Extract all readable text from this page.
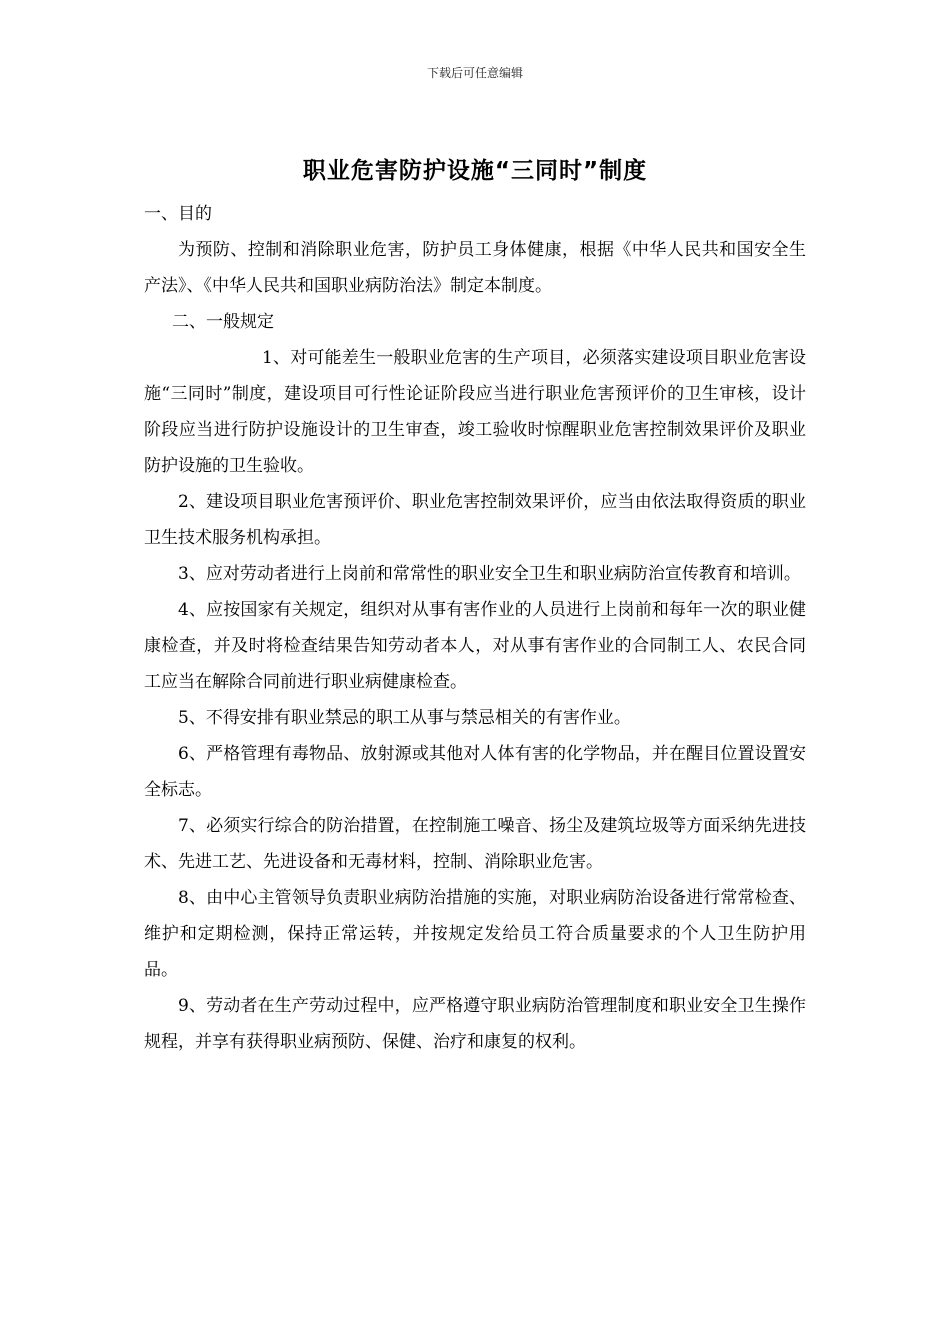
下载后可任意编辑
职业危害防护设施“三同时”制度

一、目的

为预防、控制和消除职业危害，防护员工身体健康，根据《中华人民共和国安全生产法》、《中华人民共和国职业病防治法》制定本制度。

二、一般规定

1、对可能差生一般职业危害的生产项目，必须落实建设项目职业危害设施“三同时”制度，建设项目可行性论证阶段应当进行职业危害预评价的卫生审核，设计阶段应当进行防护设施设计的卫生审查，竣工验收时惊醒职业危害控制效果评价及职业防护设施的卫生验收。

2、建设项目职业危害预评价、职业危害控制效果评价，应当由依法取得资质的职业卫生技术服务机构承担。

3、应对劳动者进行上岗前和常常性的职业安全卫生和职业病防治宣传教育和培训。

4、应按国家有关规定，组织对从事有害作业的人员进行上岗前和每年一次的职业健康检查，并及时将检查结果告知劳动者本人，对从事有害作业的合同制工人、农民合同工应当在解除合同前进行职业病健康检查。

5、不得安排有职业禁忌的职工从事与禁忌相关的有害作业。

6、严格管理有毒物品、放射源或其他对人体有害的化学物品，并在醒目位置设置安全标志。

7、必须实行综合的防治措置，在控制施工噪音、扬尘及建筑垃圾等方面采纳先进技术、先进工艺、先进设备和无毒材料，控制、消除职业危害。

8、由中心主管领导负责职业病防治措施的实施，对职业病防治设备进行常常检查、维护和定期检测，保持正常运转，并按规定发给员工符合质量要求的个人卫生防护用品。

9、劳动者在生产劳动过程中，应严格遵守职业病防治管理制度和职业安全卫生操作规程，并享有获得职业病预防、保健、治疗和康复的权利。
